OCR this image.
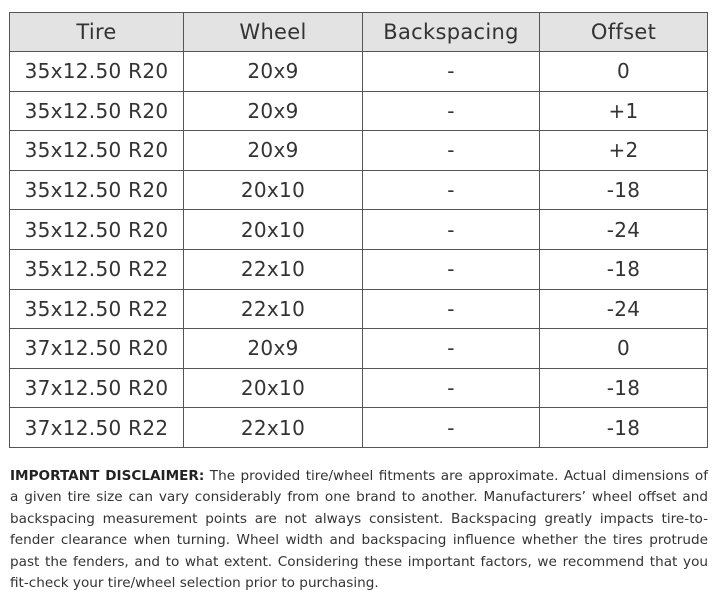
Tire	Wheel	Backspacing	Offset
35x12.50 R20	20x9	-	0
35x12.50 R20	20x9	-	+1
35x12.50 R20	20x9	-	+2
35x12.50 R20	20x10	-	-18
35x12.50 R20	20x10	-	-24
35x12.50 R22	22x10	-	-18
35x12.50 R22	22x10	-	-24
37x12.50 R20	20x9	-	0
37x12.50 R20	20x10	-	-18
37x12.50 R22	22x10	-	-18

IMPORTANT DISCLAIMER: The provided tire/wheel fitments are approximate. Actual dimensions of a given tire size can vary considerably from one brand to another. Manufacturers’ wheel offset and backspacing measurement points are not always consistent. Backspacing greatly impacts tire-to-fender clearance when turning. Wheel width and backspacing influence whether the tires protrude past the fenders, and to what extent. Considering these important factors, we recommend that you fit-check your tire/wheel selection prior to purchasing.
